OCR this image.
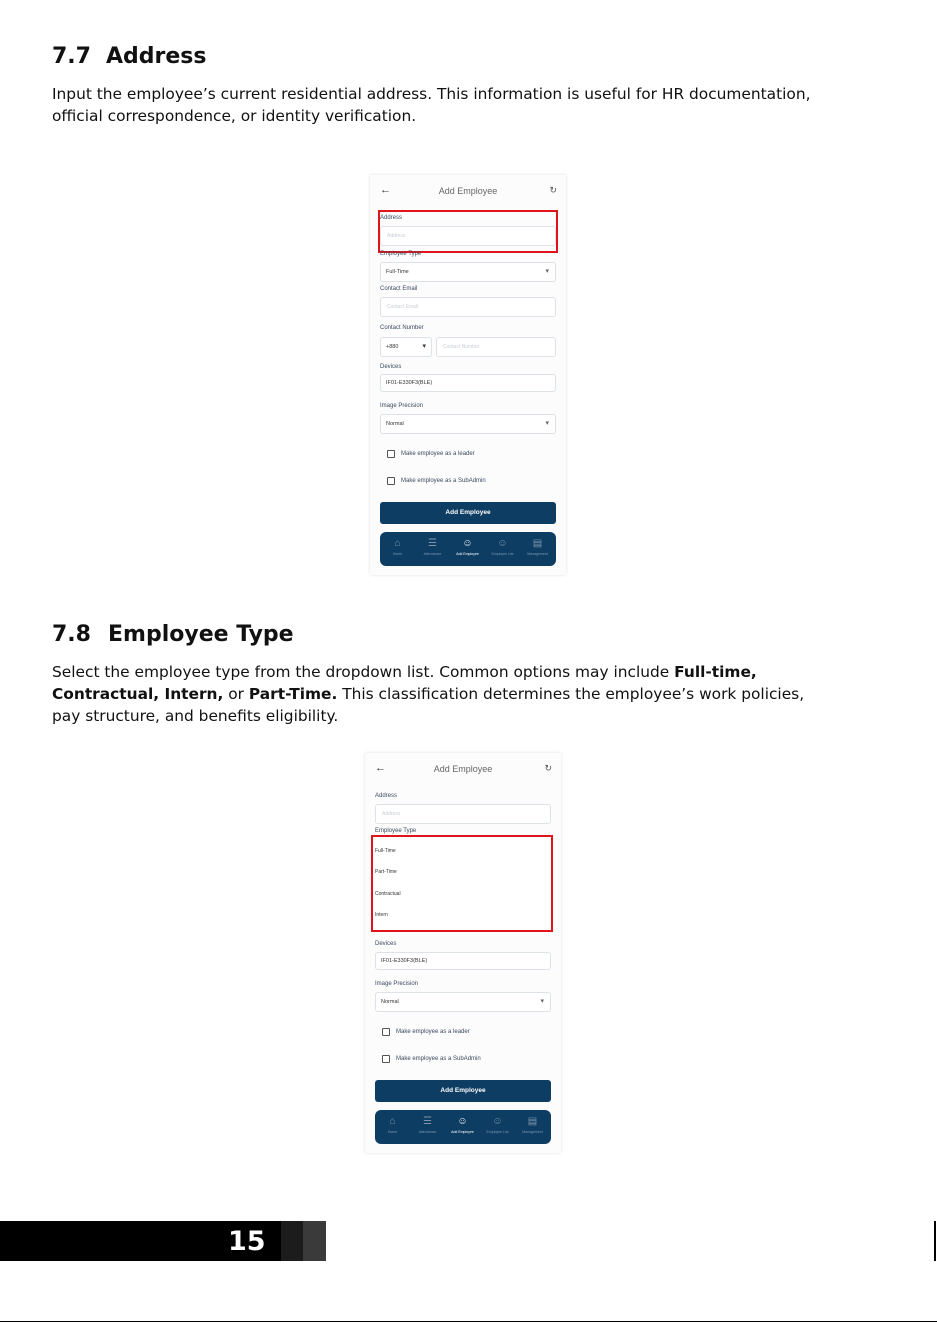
7.7 Address
Input the employee’s current residential address. This information is useful for HR documentation, official correspondence, or identity verification.
←	Add Employee	↻
Address
Address
Employee Type
Full-Time	▾
Contact Email
Contact Email
Contact Number
+880	▾	Contact Number
Devices
IF01-E330F3(BLE)
Image Precision
Normal	▾
Make employee as a leader
Make employee as a SubAdmin
Add Employee
⌂
Home
☰
Attendance
☺
Add Employee
☺
Employee List
▤
Management
7.8 Employee Type
Select the employee type from the dropdown list. Common options may include Full-time, Contractual, Intern, or Part-Time. This classification determines the employee’s work policies, pay structure, and benefits eligibility.
←	Add Employee	↻
Address
Address
Employee Type
Full-Time
Part-Time
Contractual
Intern
Devices
IF01-E330F3(BLE)
Image Precision
Normal	▾
Make employee as a leader
Make employee as a SubAdmin
Add Employee
⌂
Home
☰
Attendance
☺
Add Employee
☺
Employee List
▤
Management
15
